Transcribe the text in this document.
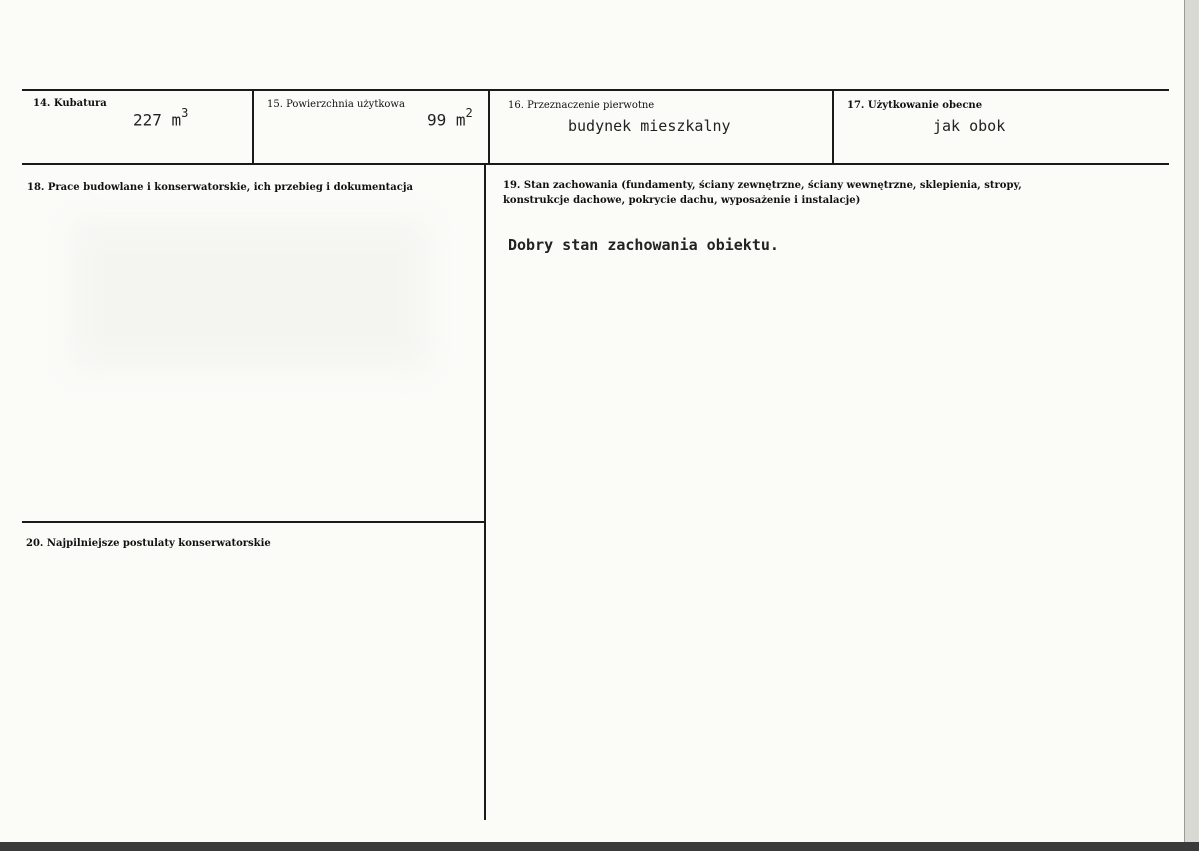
14. Kubatura
227 $m^3$
15. Powierzchnia użytkowa
99 $m^2$
16. Przeznaczenie pierwotne
budynek mieszkalny
17. Użytkowanie obecne
jak obok
18. Prace budowlane i konserwatorskie, ich przebieg i dokumentacja	19. Stan zachowania (fundamenty, ściany zewnętrzne, ściany wewnętrzne, sklepienia, stropy, konstrukcje dachowe, pokrycie dachu, wyposażenie i instalacje)
Dobry stan zachowania obiektu.
20. Najpilniejsze postulaty konserwatorskie
